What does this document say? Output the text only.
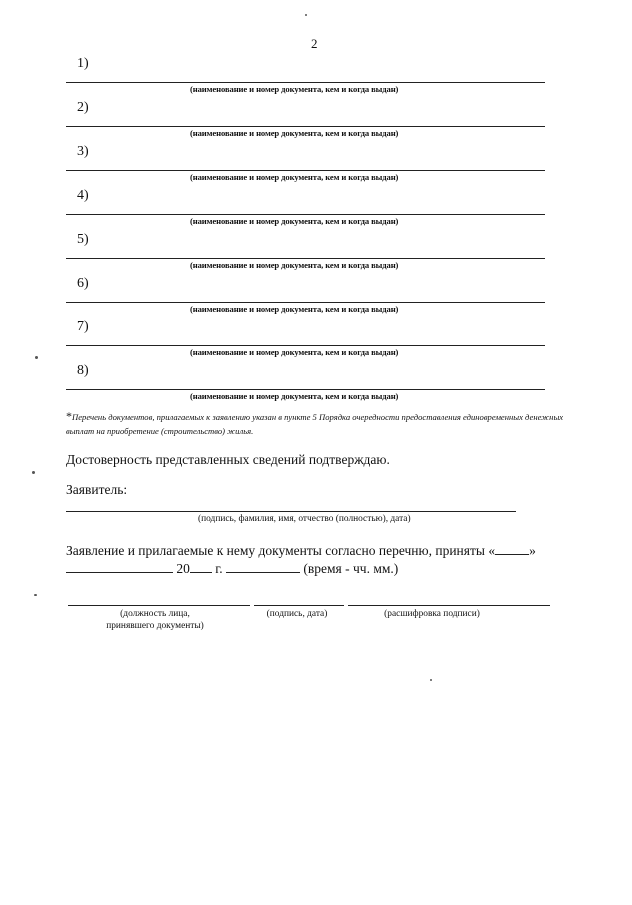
2
1)
(наименование и номер документа, кем и когда выдан)
2)
(наименование и номер документа, кем и когда выдан)
3)
(наименование и номер документа, кем и когда выдан)
4)
(наименование и номер документа, кем и когда выдан)
5)
(наименование и номер документа, кем и когда выдан)
6)
(наименование и номер документа, кем и когда выдан)
7)
(наименование и номер документа, кем и когда выдан)
8)
(наименование и номер документа, кем и когда выдан)
*Перечень документов, прилагаемых к заявлению указан в пункте 5 Порядка очередности предоставления единовременных денежных выплат на приобретение (строительство) жилья.
Достоверность представленных сведений подтверждаю.
Заявитель:
(подпись, фамилия, имя, отчество (полностью), дата)
Заявление и прилагаемые к нему документы согласно перечню, приняты «	»
20 г.	(время - чч. мм.)
(должность лица,
принявшего документы)
(подпись, дата)	(расшифровка подписи)
